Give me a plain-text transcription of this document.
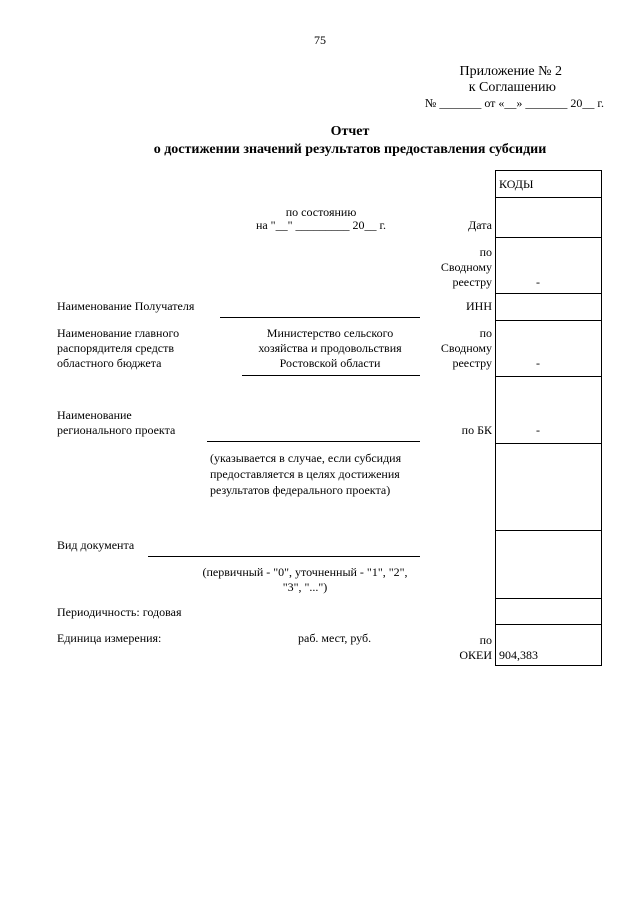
75
Приложение № 2
к Соглашению
№ _______ от «__» _______ 20__ г.
Отчет
о достижении значений результатов предоставления субсидии
по состоянию
на "__" _________ 20__ г.
Наименование Получателя
Наименование главного
распорядителя средств
областного бюджета
Министерство сельского
хозяйства и продовольствия
Ростовской области
Наименование
регионального проекта
(указывается в случае, если субсидия
предоставляется в целях достижения
результатов федерального проекта)
Вид документа
(первичный - "0", уточненный - "1", "2",
"3", "...")
Периодичность: годовая
Единица измерения:	раб. мест, руб.
Дата
по
Сводному
реестру
ИНН
по
Сводному
реестру
по БК
по
ОКЕИ
КОДЫ
-
-
-
904,383
